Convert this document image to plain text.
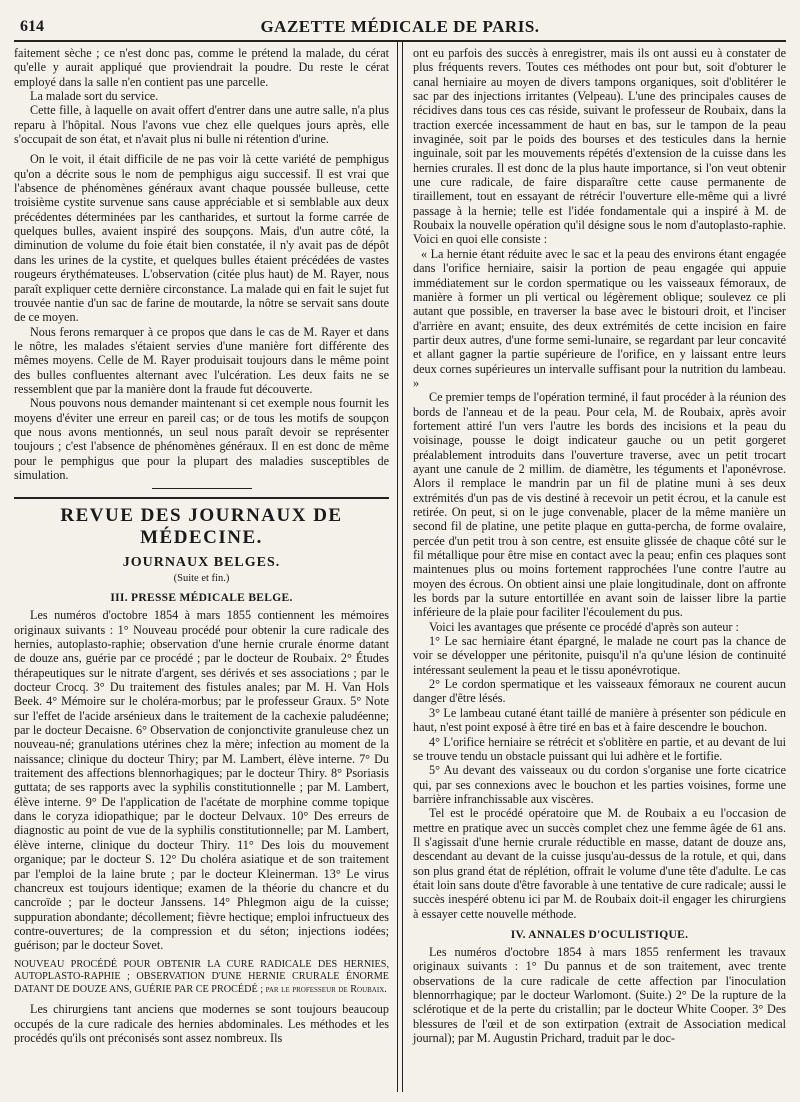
614	GAZETTE MÉDICALE DE PARIS.

faitement sèche ; ce n'est donc pas, comme le prétend la malade, du cérat qu'elle y aurait appliqué que proviendrait la poudre. Du reste le cérat employé dans la salle n'en contient pas une parcelle.

La malade sort du service.

Cette fille, à laquelle on avait offert d'entrer dans une autre salle, n'a plus reparu à l'hôpital. Nous l'avons vue chez elle quelques jours après, elle s'occupait de son état, et n'avait plus ni bulle ni rétention d'urine.

On le voit, il était difficile de ne pas voir là cette variété de pemphigus qu'on a décrite sous le nom de pemphigus aigu successif. Il est vrai que l'absence de phénomènes généraux avant chaque poussée bulleuse, cette troisième cystite survenue sans cause appréciable et si semblable aux deux précédentes déterminées par les cantharides, et surtout la forme carrée de quelques bulles, avaient inspiré des soupçons. Mais, d'un autre côté, la diminution de volume du foie était bien constatée, il n'y avait pas de dépôt dans les urines de la cystite, et quelques bulles étaient précédées de vastes rougeurs érythémateuses. L'observation (citée plus haut) de M. Rayer, nous paraît expliquer cette dernière circonstance. La malade qui en fait le sujet fut trouvée nantie d'un sac de farine de moutarde, la nôtre se servait sans doute de ce moyen.

Nous ferons remarquer à ce propos que dans le cas de M. Rayer et dans le nôtre, les malades s'étaient servies d'une manière fort différente des mêmes moyens. Celle de M. Rayer produisait toujours dans le même point des bulles confluentes alternant avec l'ulcération. Les deux faits ne se ressemblent que par la manière dont la fraude fut découverte.

Nous pouvons nous demander maintenant si cet exemple nous fournit les moyens d'éviter une erreur en pareil cas; or de tous les motifs de soupçon que nous avons mentionnés, un seul nous paraît devoir se représenter toujours ; c'est l'absence de phénomènes généraux. Il en est donc de même pour le pemphigus que pour la plupart des maladies susceptibles de simulation.

REVUE DES JOURNAUX DE MÉDECINE.
JOURNAUX BELGES.
(Suite et fin.)
III. PRESSE MÉDICALE BELGE.

Les numéros d'octobre 1854 à mars 1855 contiennent les mémoires originaux suivants : 1° Nouveau procédé pour obtenir la cure radicale des hernies, autoplasto-raphie; observation d'une hernie crurale énorme datant de douze ans, guérie par ce procédé ; par le docteur de Roubaix. 2° Études thérapeutiques sur le nitrate d'argent, ses dérivés et ses associations ; par le docteur Crocq. 3° Du traitement des fistules anales; par M. H. Van Hols Beek. 4° Mémoire sur le choléra-morbus; par le professeur Graux. 5° Note sur l'effet de l'acide arsénieux dans le traitement de la cachexie paludéenne; par le docteur Decaisne. 6° Observation de conjonctivite granuleuse chez un nouveau-né; granulations utérines chez la mère; infection au moment de la naissance; clinique du docteur Thiry; par M. Lambert, élève interne. 7° Du traitement des affections blennorhagiques; par le docteur Thiry. 8° Psoriasis guttata; de ses rapports avec la syphilis constitutionnelle ; par M. Lambert, élève interne. 9° De l'application de l'acétate de morphine comme topique dans le coryza idiopathique; par le docteur Delvaux. 10° Des erreurs de diagnostic au point de vue de la syphilis constitutionnelle; par M. Lambert, élève interne, clinique du docteur Thiry. 11° Des lois du mouvement organique; par le docteur S. 12° Du choléra asiatique et de son traitement par l'emploi de la laine brute ; par le docteur Kleinerman. 13° Le virus chancreux est toujours identique; examen de la théorie du chancre et du cancroïde ; par le docteur Janssens. 14° Phlegmon aigu de la cuisse; suppuration abondante; décollement; fièvre hectique; emploi infructueux des contre-ouvertures; de la compression et du séton; injections iodées; guérison; par le docteur Sovet.

NOUVEAU PROCÉDÉ POUR OBTENIR LA CURE RADICALE DES HERNIES, AUTOPLASTO-RAPHIE ; OBSERVATION D'UNE HERNIE CRURALE ÉNORME DATANT DE DOUZE ANS, GUÉRIE PAR CE PROCÉDÉ ; par le professeur de Roubaix.

Les chirurgiens tant anciens que modernes se sont toujours beaucoup occupés de la cure radicale des hernies abdominales. Les méthodes et les procédés qu'ils ont préconisés sont assez nombreux. Ils

ont eu parfois des succès à enregistrer, mais ils ont aussi eu à constater de plus fréquents revers. Toutes ces méthodes ont pour but, soit d'obturer le canal herniaire au moyen de divers tampons organiques, soit d'oblitérer le sac par des injections irritantes (Velpeau). L'une des principales causes de récidives dans tous ces cas réside, suivant le professeur de Roubaix, dans la traction exercée incessamment de haut en bas, sur le tampon de la peau invaginée, soit par le poids des bourses et des testicules dans la hernie inguinale, soit par les mouvements répétés d'extension de la cuisse dans les hernies crurales. Il est donc de la plus haute importance, si l'on veut obtenir une cure radicale, de faire disparaître cette cause permanente de tiraillement, tout en essayant de rétrécir l'ouverture elle-même qui a livré passage à la hernie; telle est l'idée fondamentale qui a inspiré à M. de Roubaix la nouvelle opération qu'il désigne sous le nom d'autoplasto-raphie. Voici en quoi elle consiste :

« La hernie étant réduite avec le sac et la peau des environs étant engagée dans l'orifice herniaire, saisir la portion de peau engagée qui appuie immédiatement sur le cordon spermatique ou les vaisseaux fémoraux, de manière à former un pli vertical ou légèrement oblique; soulevez ce pli autant que possible, en traverser la base avec le bistouri droit, et l'inciser d'arrière en avant; ensuite, des deux extrémités de cette incision en faire partir deux autres, d'une forme semi-lunaire, se regardant par leur concavité et allant gagner la partie supérieure de l'orifice, en y laissant entre leurs deux cornes supérieures un intervalle suffisant pour la nutrition du lambeau. »

Ce premier temps de l'opération terminé, il faut procéder à la réunion des bords de l'anneau et de la peau. Pour cela, M. de Roubaix, après avoir fortement attiré l'un vers l'autre les bords des incisions et la peau du voisinage, pousse le doigt indicateur gauche ou un petit gorgeret préalablement introduits dans l'ouverture traverse, avec un petit trocart ayant une canule de 2 millim. de diamètre, les téguments et l'aponévrose. Alors il remplace le mandrin par un fil de platine muni à ses deux extrémités d'un pas de vis destiné à recevoir un petit écrou, et la canule est retirée. On peut, si on le juge convenable, placer de la même manière un second fil de platine, une petite plaque en gutta-percha, de forme ovalaire, percée d'un petit trou à son centre, est ensuite glissée de chaque côté sur le fil métallique pour être mise en contact avec la peau; enfin ces plaques sont maintenues plus ou moins fortement rapprochées l'une contre l'autre au moyen des écrous. On obtient ainsi une plaie longitudinale, dont on affronte les bords par la suture entortillée en avant soin de laisser libre la partie inférieure de la plaie pour faciliter l'écoulement du pus.

Voici les avantages que présente ce procédé d'après son auteur :

1° Le sac herniaire étant épargné, le malade ne court pas la chance de voir se développer une péritonite, puisqu'il n'a qu'une lésion de continuité intéressant seulement la peau et le tissu aponévrotique.

2° Le cordon spermatique et les vaisseaux fémoraux ne courent aucun danger d'être lésés.

3° Le lambeau cutané étant taillé de manière à présenter son pédicule en haut, n'est point exposé à être tiré en bas et à faire descendre le bouchon.

4° L'orifice herniaire se rétrécit et s'oblitère en partie, et au devant de lui se trouve tendu un obstacle puissant qui lui adhère et le fortifie.

5° Au devant des vaisseaux ou du cordon s'organise une forte cicatrice qui, par ses connexions avec le bouchon et les parties voisines, forme une barrière infranchissable aux viscères.

Tel est le procédé opératoire que M. de Roubaix a eu l'occasion de mettre en pratique avec un succès complet chez une femme âgée de 61 ans. Il s'agissait d'une hernie crurale réductible en masse, datant de douze ans, descendant au devant de la cuisse jusqu'au-dessus de la rotule, et qui, dans son plus grand état de réplétion, offrait le volume d'une tête d'adulte. Le cas était loin sans doute d'être favorable à une tentative de cure radicale; aussi le succès inespéré obtenu ici par M. de Roubaix doit-il engager les chirurgiens à essayer cette nouvelle méthode.

IV. ANNALES D'OCULISTIQUE.

Les numéros d'octobre 1854 à mars 1855 renferment les travaux originaux suivants : 1° Du pannus et de son traitement, avec trente observations de la cure radicale de cette affection par l'inoculation blennorrhagique; par le docteur Warlomont. (Suite.) 2° De la rupture de la sclérotique et de la perte du cristallin; par le docteur White Cooper. 3° Des blessures de l'œil et de son extirpation (extrait de Association medical journal); par M. Augustin Prichard, traduit par le doc-
